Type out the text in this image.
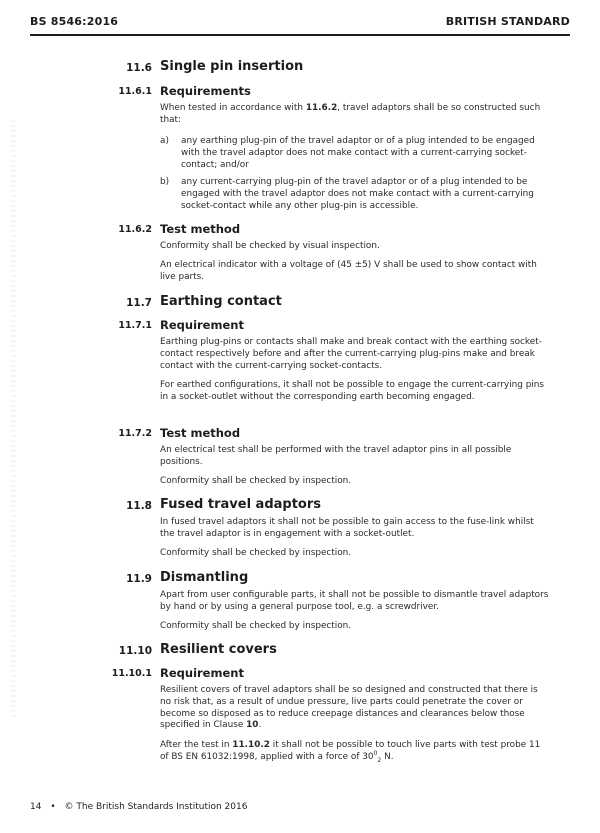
BS 8546:2016	BRITISH STANDARD
11.6 Single pin insertion
11.6.1 Requirements

When tested in accordance with 11.6.2, travel adaptors shall be so constructed such that:

a) any earthing plug-pin of the travel adaptor or of a plug intended to be engaged with the travel adaptor does not make contact with a current-carrying socket-contact; and/or

b) any current-carrying plug-pin of the travel adaptor or of a plug intended to be engaged with the travel adaptor does not make contact with a current-carrying socket-contact while any other plug-pin is accessible.

11.6.2 Test method

Conformity shall be checked by visual inspection.

An electrical indicator with a voltage of (45 ±5) V shall be used to show contact with live parts.

11.7 Earthing contact
11.7.1 Requirement

Earthing plug-pins or contacts shall make and break contact with the earthing socket-contact respectively before and after the current-carrying plug-pins make and break contact with the current-carrying socket-contacts.

For earthed configurations, it shall not be possible to engage the current-carrying pins in a socket-outlet without the corresponding earth becoming engaged.

11.7.2 Test method

An electrical test shall be performed with the travel adaptor pins in all possible positions.

Conformity shall be checked by inspection.

11.8 Fused travel adaptors

In fused travel adaptors it shall not be possible to gain access to the fuse-link whilst the travel adaptor is in engagement with a socket-outlet.

Conformity shall be checked by inspection.

11.9 Dismantling

Apart from user configurable parts, it shall not be possible to dismantle travel adaptors by hand or by using a general purpose tool, e.g. a screwdriver.

Conformity shall be checked by inspection.

11.10 Resilient covers
11.10.1 Requirement

Resilient covers of travel adaptors shall be so designed and constructed that there is no risk that, as a result of undue pressure, live parts could penetrate the cover or become so disposed as to reduce creepage distances and clearances below those specified in Clause 10.

After the test in 11.10.2 it shall not be possible to touch live parts with test probe 11 of BS EN 61032:1998, applied with a force of $30^0_2$ N.

14 • © The British Standards Institution 2016
